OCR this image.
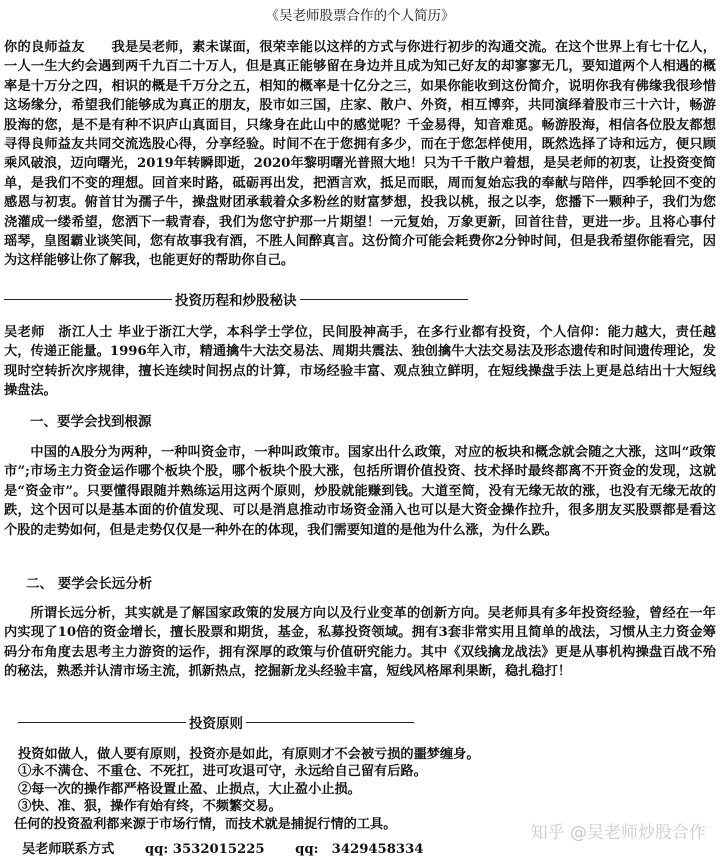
《吴老师股票合作的个人简历》

你的良师益友　　我是吴老师，素未谋面，很荣幸能以这样的方式与你进行初步的沟通交流。在这个世界上有七十亿人，一人一生大约会遇到两千九百二十万人，但是真正能够留在身边并且成为知己好友的却寥寥无几，要知道两个人相遇的概率是十万分之四，相识的概是千万分之五，相知的概率是十亿分之三，如果你能收到这份简介，说明你我有佛缘我很珍惜这场缘分，希望我们能够成为真正的朋友，股市如三国，庄家、散户、外资，相互博弈，共同演绎着股市三十六计，畅游股海的您，是不是有种不识庐山真面目，只缘身在此山中的感觉呢？千金易得，知音难觅。畅游股海，相信各位股友都想寻得良师益友共同交流选股心得，分享经验。时间不在于您拥有多少，而在于您怎样使用，既然选择了诗和远方，便只顾乘风破浪，迈向曙光，2019年转瞬即逝，2020年黎明曙光普照大地！只为千千散户着想，是吴老师的初衷，让投资变简单，是我们不变的理想。回首来时路，砥砺再出发，把酒言欢，抵足而眠，周而复始忘我的奉献与陪伴，四季轮回不变的感恩与初衷。俯首甘为孺子牛，操盘财团承载着众多粉丝的财富梦想，投我以桃，报之以李，您播下一颗种子，我们为您浇灌成一缕希望，您洒下一载青春，我们为您守护那一片期望！一元复始，万象更新，回首往昔，更进一步。且将心事付瑶琴，皇图霸业谈笑间，您有故事我有酒，不胜人间醉真言。这份简介可能会耗费你2分钟时间，但是我希望你能看完，因为这样能够让你了解我，也能更好的帮助你自己。

投资历程和炒股秘诀

吴老师　浙江人士 毕业于浙江大学，本科学士学位，民间股神高手，在多行业都有投资，个人信仰：能力越大，责任越大，传递正能量。1996年入市，精通擒牛大法交易法、周期共震法、独创擒牛大法交易法及形态遗传和时间遗传理论，发现时空转折次序规律，擅长连续时间拐点的计算，市场经验丰富、观点独立鲜明，在短线操盘手法上更是总结出十大短线操盘法。

一、要学会找到根源

中国的A股分为两种，一种叫资金市，一种叫政策市。国家出什么政策，对应的板块和概念就会随之大涨，这叫“政策市”;市场主力资金运作哪个板块个股，哪个板块个股大涨，包括所谓价值投资、技术择时最终都离不开资金的发现，这就是“资金市”。只要懂得跟随并熟练运用这两个原则，炒股就能赚到钱。大道至简，没有无缘无故的涨，也没有无缘无故的跌，这个因可以是基本面的价值发现、可以是消息推动市场资金涌入也可以是大资金操作拉升，很多朋友买股票都是看这个股的走势如何，但是走势仅仅是一种外在的体现，我们需要知道的是他为什么涨，为什么跌。

二、 要学会长远分析

所谓长远分析，其实就是了解国家政策的发展方向以及行业变革的创新方向。吴老师具有多年投资经验，曾经在一年内实现了10倍的资金增长，擅长股票和期货，基金，私募投资领域。拥有3套非常实用且简单的战法，习惯从主力资金筹码分布角度去思考主力游资的运作，拥有深厚的政策与价值研究能力。其中《双线擒龙战法》更是从事机构操盘百战不殆的秘法，熟悉并认清市场主流，抓新热点，挖掘新龙头经验丰富，短线风格犀利果断，稳扎稳打！

投资原则
投资如做人，做人要有原则，投资亦是如此，有原则才不会被亏损的噩梦缠身。
①永不满仓、不重仓、不死扛，进可攻退可守，永远给自己留有后路。
②每一次的操作都严格设置止盈、止损点，大止盈小止损。
③快、准、狠，操作有始有终，不频繁交易。
任何的投资盈利都来源于市场行情，而技术就是捕捉行情的工具。
吴老师联系方式 qq: 3532015225 qq:　3429458334
知乎 @吴老师炒股合作
